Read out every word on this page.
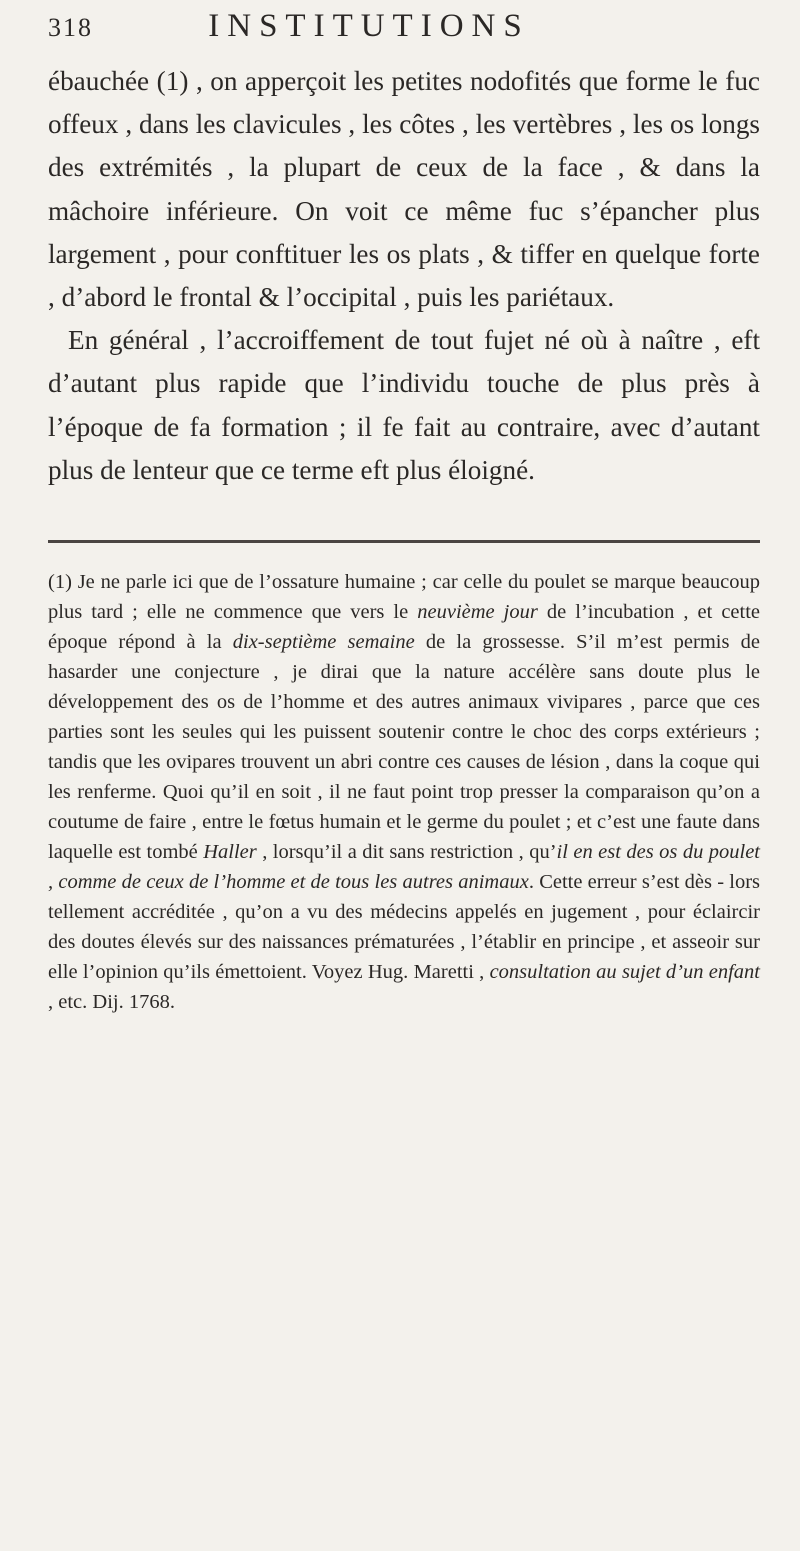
318	INSTITUTIONS

ébauchée (1) , on apperçoit les petites nodofités que forme le fuc offeux , dans les clavicules , les côtes , les vertèbres , les os longs des extrémités , la plupart de ceux de la face , & dans la mâchoire inférieure. On voit ce même fuc s’épancher plus largement , pour conftituer les os plats , & tiffer en quelque forte , d’abord le frontal & l’occipital , puis les pariétaux.

En général , l’accroiffement de tout fujet né où à naître , eft d’autant plus rapide que l’individu touche de plus près à l’époque de fa formation ; il fe fait au contraire, avec d’autant plus de lenteur que ce terme eft plus éloigné.

(1) Je ne parle ici que de l’ossature humaine ; car celle du poulet se marque beaucoup plus tard ; elle ne commence que vers le neuvième jour de l’incubation , et cette époque répond à la dix-septième semaine de la grossesse. S’il m’est permis de hasarder une conjecture , je dirai que la nature accélère sans doute plus le développement des os de l’homme et des autres animaux vivipares , parce que ces parties sont les seules qui les puissent soutenir contre le choc des corps extérieurs ; tandis que les ovipares trouvent un abri contre ces causes de lésion , dans la coque qui les renferme. Quoi qu’il en soit , il ne faut point trop presser la comparaison qu’on a coutume de faire , entre le fœtus humain et le germe du poulet ; et c’est une faute dans laquelle est tombé Haller , lorsqu’il a dit sans restriction , qu’il en est des os du poulet , comme de ceux de l’homme et de tous les autres animaux. Cette erreur s’est dès - lors tellement accréditée , qu’on a vu des médecins appelés en jugement , pour éclaircir des doutes élevés sur des naissances prématurées , l’établir en principe , et asseoir sur elle l’opinion qu’ils émettoient. Voyez Hug. Maretti , consultation au sujet d’un enfant , etc. Dij. 1768.
